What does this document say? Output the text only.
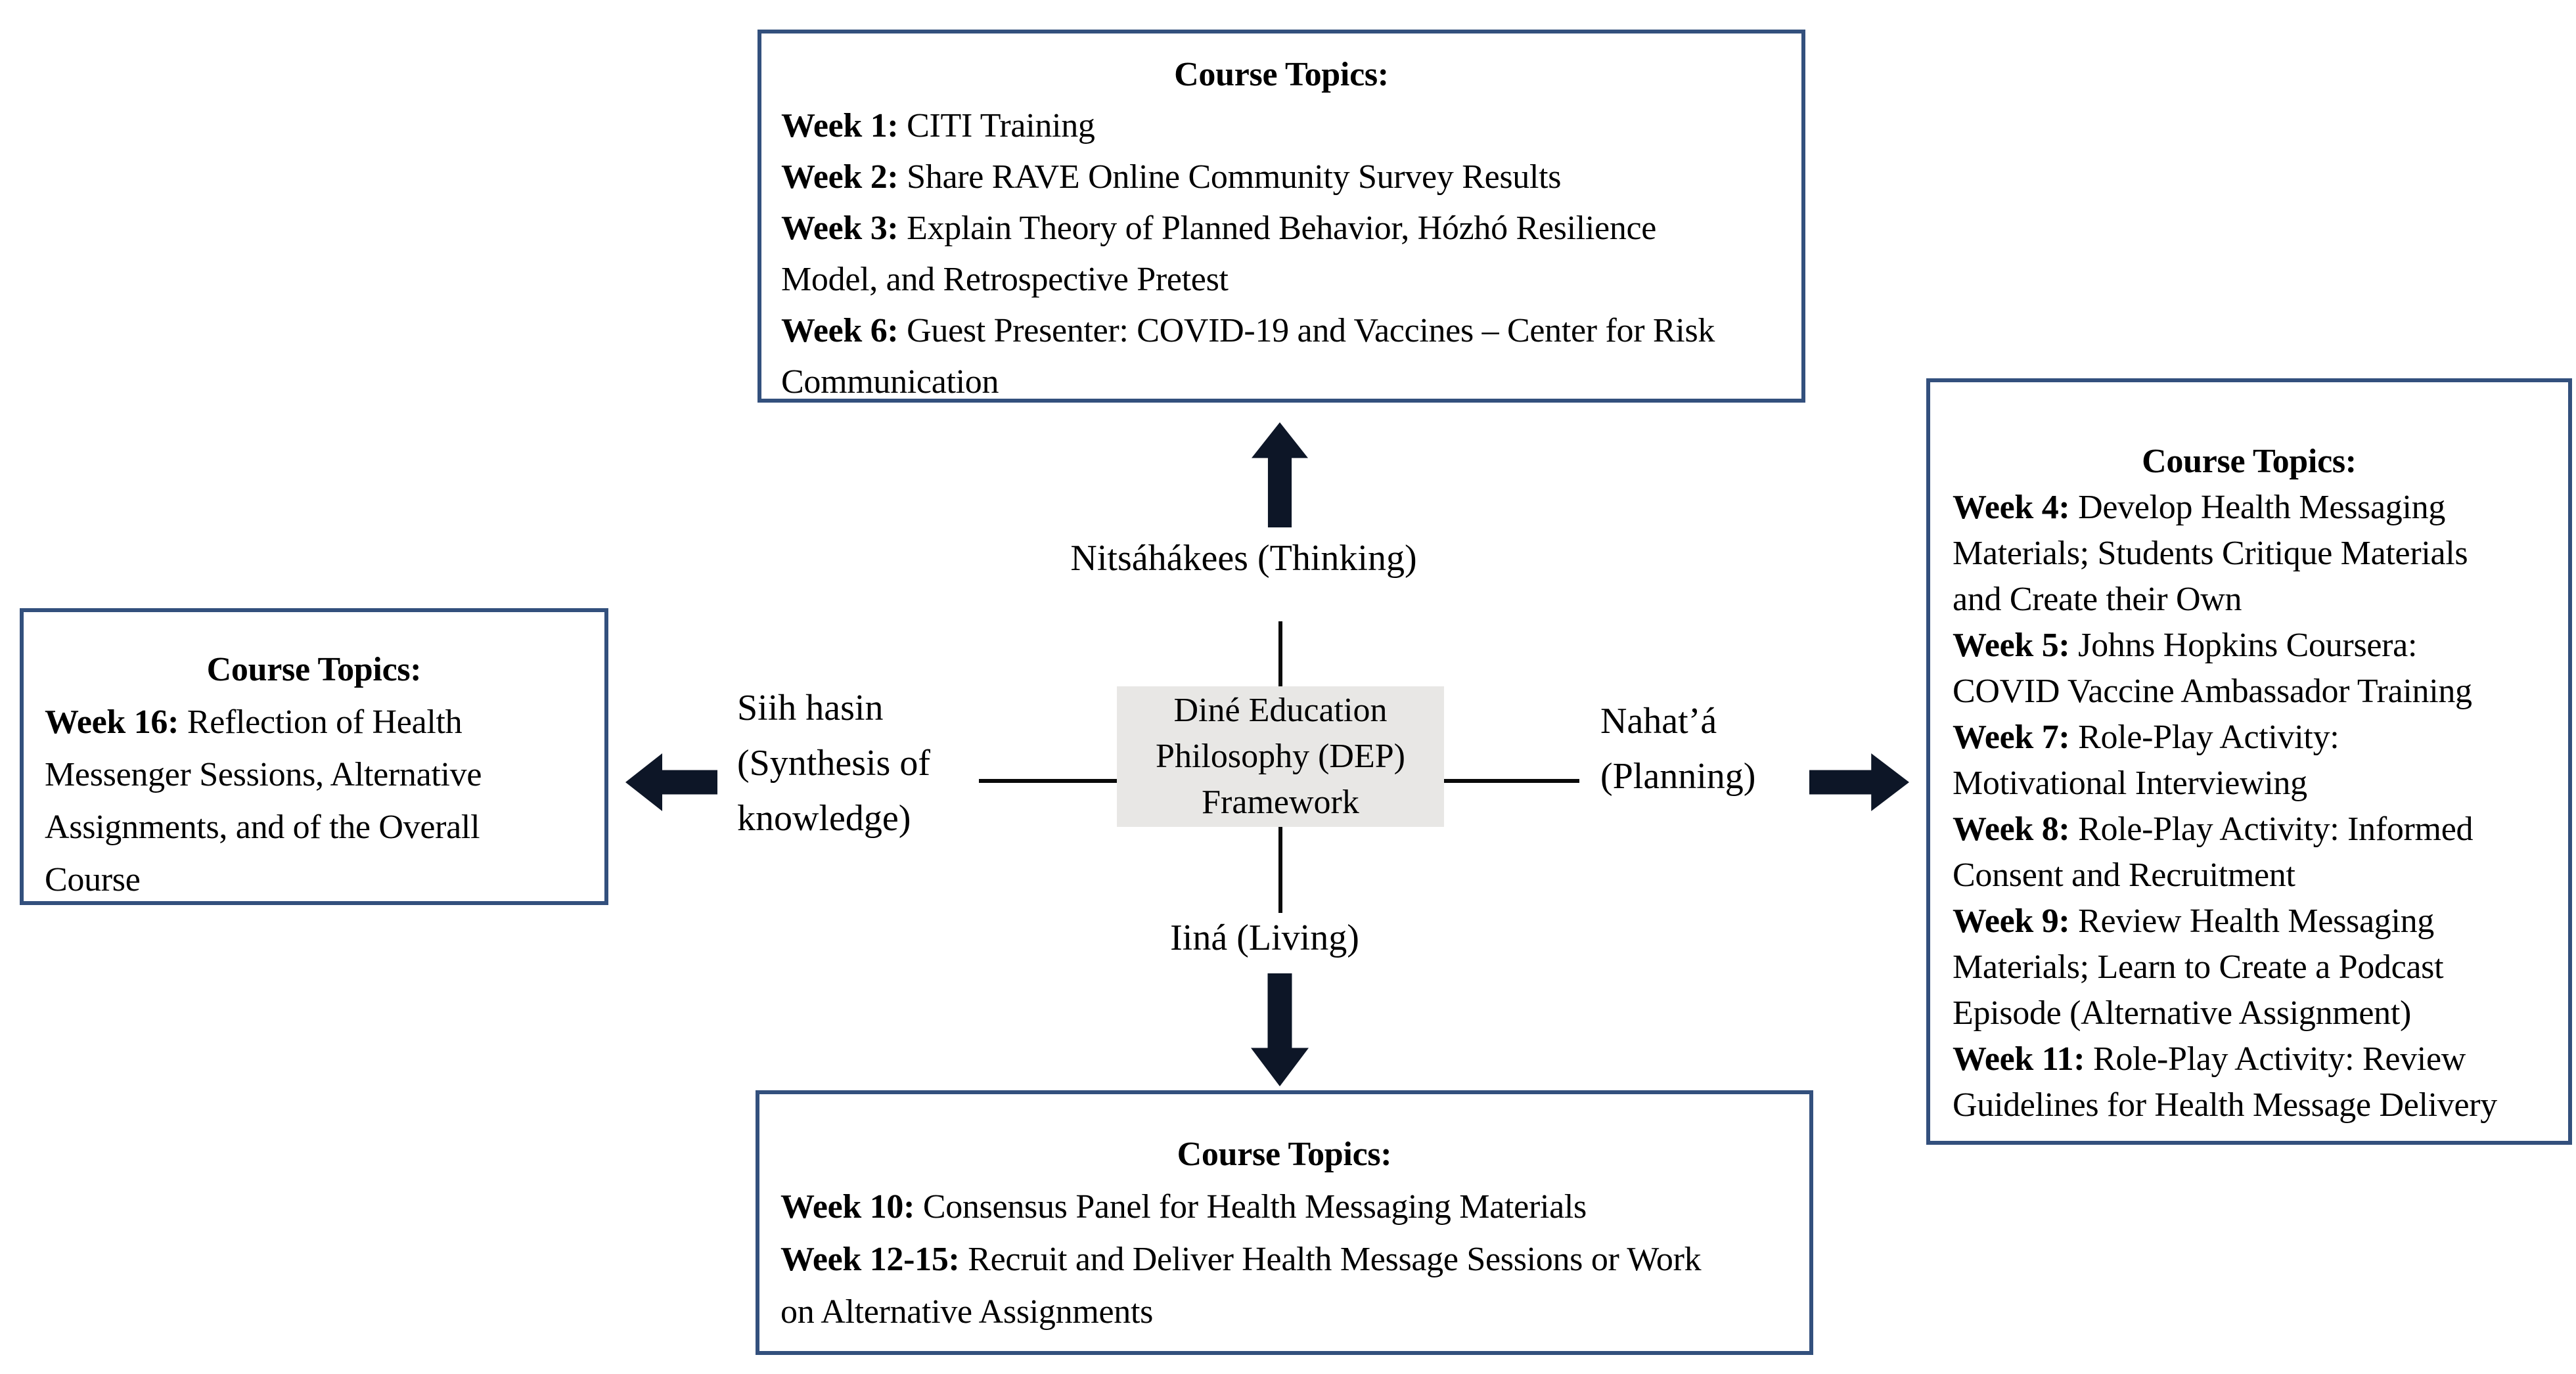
Course Topics:
Week 1: CITI Training
Week 2: Share RAVE Online Community Survey Results
Week 3: Explain Theory of Planned Behavior, Hózhó Resilience
Model, and Retrospective Pretest
Week 6: Guest Presenter: COVID-19 and Vaccines – Center for Risk
Communication
Course Topics:
Week 4: Develop Health Messaging
Materials; Students Critique Materials
and Create their Own
Week 5: Johns Hopkins Coursera:
COVID Vaccine Ambassador Training
Week 7: Role-Play Activity:
Motivational Interviewing
Week 8: Role-Play Activity: Informed
Consent and Recruitment
Week 9: Review Health Messaging
Materials; Learn to Create a Podcast
Episode (Alternative Assignment)
Week 11: Role-Play Activity: Review
Guidelines for Health Message Delivery
Course Topics:
Week 16: Reflection of Health
Messenger Sessions, Alternative
Assignments, and of the Overall
Course
Course Topics:
Week 10: Consensus Panel for Health Messaging Materials
Week 12-15: Recruit and Deliver Health Message Sessions or Work
on Alternative Assignments
Diné Education
Philosophy (DEP)
Framework
Nitsáhákees (Thinking)
Iiná (Living)
Siih hasin
(Synthesis of
knowledge)
Nahat’á
(Planning)
